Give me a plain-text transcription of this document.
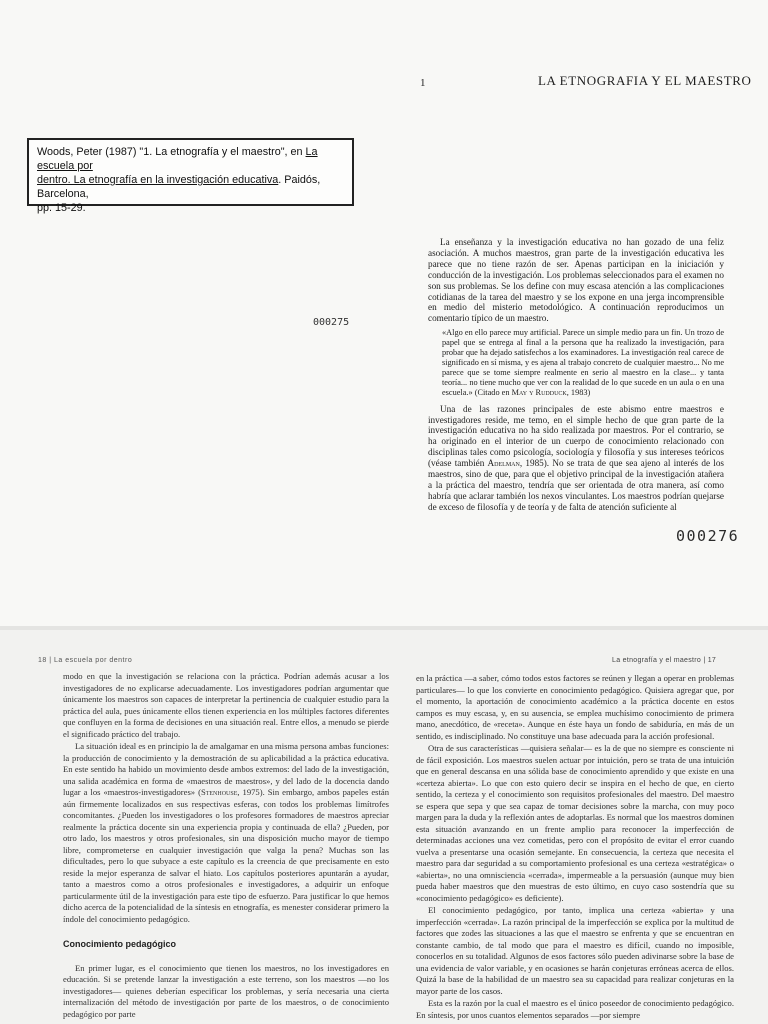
1	LA ETNOGRAFIA Y EL MAESTRO
Woods, Peter (1987) "1. La etnografía y el maestro", en La escuela por
dentro. La etnografía en la investigación educativa. Paidós, Barcelona,
pp. 15-29.
000275
000276

La enseñanza y la investigación educativa no han gozado de una feliz asociación. A muchos maestros, gran parte de la investigación educativa les parece que no tiene razón de ser. Apenas participan en la iniciación y conducción de la investigación. Los problemas seleccionados para el examen no son sus problemas. Se los define con muy escasa atención a las complicaciones cotidianas de la tarea del maestro y se los expone en una jerga incomprensible en medio del misterio metodológico. A continuación reproducimos un comentario típico de un maestro.

«Algo en ello parece muy artificial. Parece un simple medio para un fin. Un trozo de papel que se entrega al final a la persona que ha realizado la investigación, para probar que ha dejado satisfechos a los examinadores. La investigación real carece de significado en sí misma, y es ajena al trabajo concreto de cualquier maestro... No me parece que se tome siempre realmente en serio al maestro en la clase... y tanta teoría... no tiene mucho que ver con la realidad de lo que sucede en un aula o en una escuela.» (Citado en May y Rudduck, 1983)

Una de las razones principales de este abismo entre maestros e investigadores reside, me temo, en el simple hecho de que gran parte de la investigación educativa no ha sido realizada por maestros. Por el contrario, se ha originado en el interior de un cuerpo de conocimiento relacionado con disciplinas tales como psicología, sociología y filosofía y sus intereses teóricos (véase también Adelman, 1985). No se trata de que sea ajeno al interés de los maestros, sino de que, para que el objetivo principal de la investigación atañera a la práctica del maestro, tendría que ser orientada de otra manera, así como habría que aclarar también los nexos vinculantes. Los maestros podrían quejarse de exceso de filosofía y de teoría y de falta de atención suficiente al

18 | La escuela por dentro	La etnografía y el maestro | 17

modo en que la investigación se relaciona con la práctica. Podrían además acusar a los investigadores de no explicarse adecuadamente. Los investigadores podrían argumentar que únicamente los maestros son capaces de interpretar la pertinencia de cualquier estudio para la práctica del aula, pues únicamente ellos tienen experiencia en los múltiples factores diferentes que confluyen en la forma de decisiones en una situación real. Entre ellos, a menudo se pierde el significado práctico del trabajo.

La situación ideal es en principio la de amalgamar en una misma persona ambas funciones: la producción de conocimiento y la demostración de su aplicabilidad a la práctica educativa. En este sentido ha habido un movimiento desde ambos extremos: del lado de la investigación, una salida académica en forma de «maestros de maestros», y del lado de la docencia dando lugar a los «maestros-investigadores» (Stenhouse, 1975). Sin embargo, ambos papeles están aún firmemente localizados en sus respectivas esferas, con todos los problemas limítrofes concomitantes. ¿Pueden los investigadores o los profesores formadores de maestros apreciar realmente la práctica docente sin una experiencia propia y continuada de ella? ¿Pueden, por otro lado, los maestros y otros profesionales, sin una disposición mucho mayor de tiempo libre, comprometerse en cualquier investigación que valga la pena? Muchas son las dificultades, pero lo que subyace a este capítulo es la creencia de que precisamente en esto reside la mejor esperanza de salvar el hiato. Los capítulos posteriores apuntarán a ayudar, tanto a maestros como a otros profesionales e investigadores, a adquirir un enfoque particularmente útil de la investigación para este tipo de esfuerzo. Para justificar lo que hemos dicho acerca de la potencialidad de la síntesis en etnografía, es menester considerar primero la índole del conocimiento pedagógico.

Conocimiento pedagógico

En primer lugar, es el conocimiento que tienen los maestros, no los investigadores en educación. Si se pretende lanzar la investigación a este terreno, son los maestros —no los investigadores— quienes deberían especificar los problemas, y sería necesaria una cierta internalización del método de investigación por parte de los maestros, o de conocimiento pedagógico por parte

en la práctica —a saber, cómo todos estos factores se reúnen y llegan a operar en problemas particulares— lo que los convierte en conocimiento pedagógico. Quisiera agregar que, por el momento, la aportación de conocimiento académico a la práctica docente en estos campos es muy escasa, y, en su ausencia, se emplea muchísimo conocimiento de primera mano, anecdótico, de «receta». Aunque en éste haya un fondo de sabiduría, en más de un sentido, es indisciplinado. No constituye una base adecuada para la acción profesional.

Otra de sus características —quisiera señalar— es la de que no siempre es consciente ni de fácil exposición. Los maestros suelen actuar por intuición, pero se trata de una intuición que en general descansa en una sólida base de conocimiento aprendido y que existe en una «certeza abierta». Lo que con esto quiero decir se inspira en el hecho de que, en cierto sentido, la certeza y el conocimiento son requisitos profesionales del maestro. Del maestro se espera que sepa y que sea capaz de tomar decisiones sobre la marcha, con muy poco margen para la duda y la reflexión antes de adoptarlas. Es normal que los maestros dominen esta situación avanzando en un frente amplio para reconocer la imperfección de determinadas acciones una vez cometidas, pero con el propósito de evitar el error cuando vuelva a presentarse una ocasión semejante. En consecuencia, la certeza que necesita el maestro para dar seguridad a su comportamiento profesional es una certeza «estratégica» o «abierta», no una omnisciencia «cerrada», impermeable a la persuasión (aunque muy bien pueda haber maestros que den muestras de esto último, en cuyo caso sostendría que su «conocimiento pedagógico» es deficiente).

El conocimiento pedagógico, por tanto, implica una certeza «abierta» y una imperfección «cerrada». La razón principal de la imperfección se explica por la multitud de factores que zodes las situaciones a las que el maestro se enfrenta y que se encuentran en constante cambio, de tal modo que para el maestro es difícil, cuando no imposible, conocerlos en su totalidad. Algunos de esos factores sólo pueden adivinarse sobre la base de una evidencia de valor variable, y en ocasiones se harán conjeturas erróneas acerca de ellos. Quizá la base de la habilidad de un maestro sea su capacidad para realizar conjeturas en la mayor parte de los casos.

Esta es la razón por la cual el maestro es el único poseedor de conocimiento pedagógico. En síntesis, por unos cuantos elementos separados —por siempre
